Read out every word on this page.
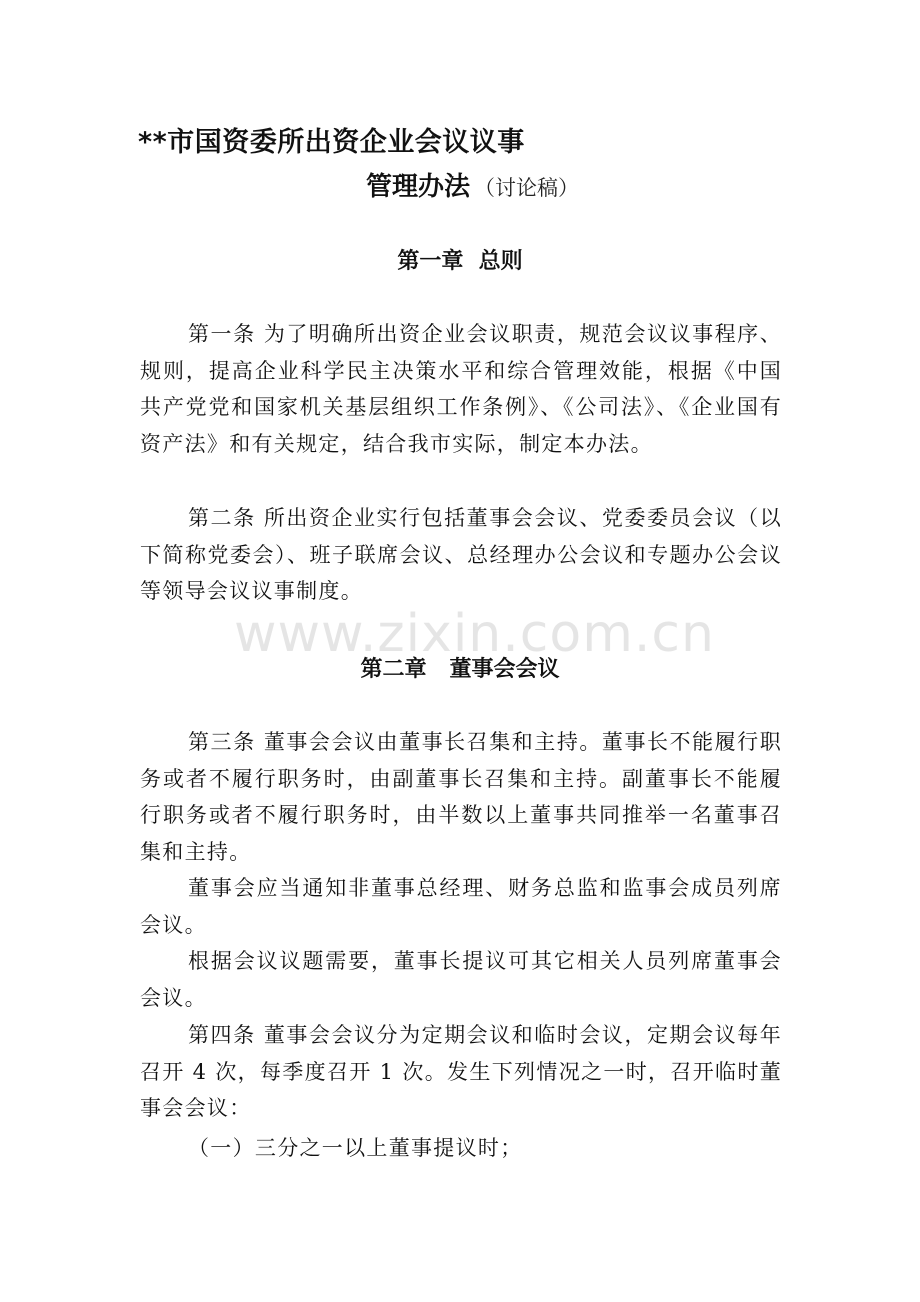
www.zixin.com.cn
**市国资委所出资企业会议议事
管理办法 （讨论稿）
第一章  总则

第一条 为了明确所出资企业会议职责，规范会议议事程序、规则，提高企业科学民主决策水平和综合管理效能，根据《中国共产党党和国家机关基层组织工作条例》、《公司法》、《企业国有资产法》和有关规定，结合我市实际，制定本办法。

第二条 所出资企业实行包括董事会会议、党委委员会议（以下简称党委会）、班子联席会议、总经理办公会议和专题办公会议等领导会议议事制度。

第二章   董事会会议

第三条 董事会会议由董事长召集和主持。董事长不能履行职务或者不履行职务时，由副董事长召集和主持。副董事长不能履行职务或者不履行职务时，由半数以上董事共同推举一名董事召集和主持。

董事会应当通知非董事总经理、财务总监和监事会成员列席会议。

根据会议议题需要，董事长提议可其它相关人员列席董事会会议。

第四条 董事会会议分为定期会议和临时会议，定期会议每年召开 4 次，每季度召开 1 次。发生下列情况之一时，召开临时董事会会议：

（一）三分之一以上董事提议时；
